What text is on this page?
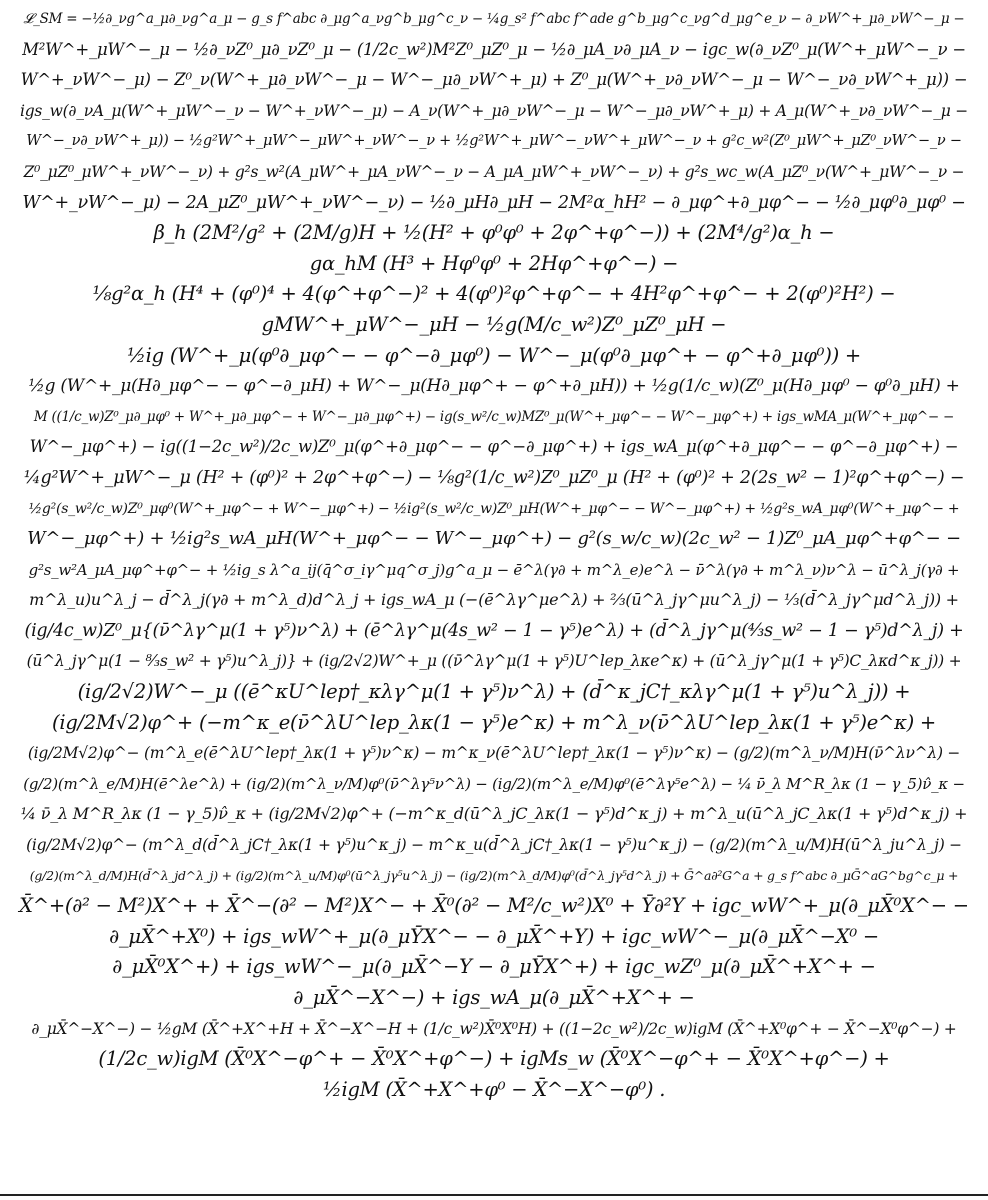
𝓛_SM = −½∂_νg^a_μ∂_νg^a_μ − g_s f^abc ∂_μg^a_νg^b_μg^c_ν − ¼g_s² f^abc f^ade g^b_μg^c_νg^d_μg^e_ν − ∂_νW^+_μ∂_νW^−_μ −
M²W^+_μW^−_μ − ½∂_νZ⁰_μ∂_νZ⁰_μ − (1/2c_w²)M²Z⁰_μZ⁰_μ − ½∂_μA_ν∂_μA_ν − igc_w(∂_νZ⁰_μ(W^+_μW^−_ν −
W^+_νW^−_μ) − Z⁰_ν(W^+_μ∂_νW^−_μ − W^−_μ∂_νW^+_μ) + Z⁰_μ(W^+_ν∂_νW^−_μ − W^−_ν∂_νW^+_μ)) −
igs_w(∂_νA_μ(W^+_μW^−_ν − W^+_νW^−_μ) − A_ν(W^+_μ∂_νW^−_μ − W^−_μ∂_νW^+_μ) + A_μ(W^+_ν∂_νW^−_μ −
W^−_ν∂_νW^+_μ)) − ½g²W^+_μW^−_μW^+_νW^−_ν + ½g²W^+_μW^−_νW^+_μW^−_ν + g²c_w²(Z⁰_μW^+_μZ⁰_νW^−_ν −
Z⁰_μZ⁰_μW^+_νW^−_ν) + g²s_w²(A_μW^+_μA_νW^−_ν − A_μA_μW^+_νW^−_ν) + g²s_wc_w(A_μZ⁰_ν(W^+_μW^−_ν −
W^+_νW^−_μ) − 2A_μZ⁰_μW^+_νW^−_ν) − ½∂_μH∂_μH − 2M²α_hH² − ∂_μφ^+∂_μφ^− − ½∂_μφ⁰∂_μφ⁰ −
β_h (2M²/g² + (2M/g)H + ½(H² + φ⁰φ⁰ + 2φ^+φ^−)) + (2M⁴/g²)α_h −
gα_hM (H³ + Hφ⁰φ⁰ + 2Hφ^+φ^−) −
⅛g²α_h (H⁴ + (φ⁰)⁴ + 4(φ^+φ^−)² + 4(φ⁰)²φ^+φ^− + 4H²φ^+φ^− + 2(φ⁰)²H²) −
gMW^+_μW^−_μH − ½g(M/c_w²)Z⁰_μZ⁰_μH −
½ig (W^+_μ(φ⁰∂_μφ^− − φ^−∂_μφ⁰) − W^−_μ(φ⁰∂_μφ^+ − φ^+∂_μφ⁰)) +
½g (W^+_μ(H∂_μφ^− − φ^−∂_μH) + W^−_μ(H∂_μφ^+ − φ^+∂_μH)) + ½g(1/c_w)(Z⁰_μ(H∂_μφ⁰ − φ⁰∂_μH) +
M ((1/c_w)Z⁰_μ∂_μφ⁰ + W^+_μ∂_μφ^− + W^−_μ∂_μφ^+) − ig(s_w²/c_w)MZ⁰_μ(W^+_μφ^− − W^−_μφ^+) + igs_wMA_μ(W^+_μφ^− −
W^−_μφ^+) − ig((1−2c_w²)/2c_w)Z⁰_μ(φ^+∂_μφ^− − φ^−∂_μφ^+) + igs_wA_μ(φ^+∂_μφ^− − φ^−∂_μφ^+) −
¼g²W^+_μW^−_μ (H² + (φ⁰)² + 2φ^+φ^−) − ⅛g²(1/c_w²)Z⁰_μZ⁰_μ (H² + (φ⁰)² + 2(2s_w² − 1)²φ^+φ^−) −
½g²(s_w²/c_w)Z⁰_μφ⁰(W^+_μφ^− + W^−_μφ^+) − ½ig²(s_w²/c_w)Z⁰_μH(W^+_μφ^− − W^−_μφ^+) + ½g²s_wA_μφ⁰(W^+_μφ^− +
W^−_μφ^+) + ½ig²s_wA_μH(W^+_μφ^− − W^−_μφ^+) − g²(s_w/c_w)(2c_w² − 1)Z⁰_μA_μφ^+φ^− −
g²s_w²A_μA_μφ^+φ^− + ½ig_s λ^a_ij(q̄^σ_iγ^μq^σ_j)g^a_μ − ē^λ(γ∂ + m^λ_e)e^λ − ν̄^λ(γ∂ + m^λ_ν)ν^λ − ū^λ_j(γ∂ +
m^λ_u)u^λ_j − d̄^λ_j(γ∂ + m^λ_d)d^λ_j + igs_wA_μ (−(ē^λγ^μe^λ) + ⅔(ū^λ_jγ^μu^λ_j) − ⅓(d̄^λ_jγ^μd^λ_j)) +
(ig/4c_w)Z⁰_μ{(ν̄^λγ^μ(1 + γ⁵)ν^λ) + (ē^λγ^μ(4s_w² − 1 − γ⁵)e^λ) + (d̄^λ_jγ^μ(⁴⁄₃s_w² − 1 − γ⁵)d^λ_j) +
(ū^λ_jγ^μ(1 − ⁸⁄₃s_w² + γ⁵)u^λ_j)} + (ig/2√2)W^+_μ ((ν̄^λγ^μ(1 + γ⁵)U^lep_λκe^κ) + (ū^λ_jγ^μ(1 + γ⁵)C_λκd^κ_j)) +
(ig/2√2)W^−_μ ((ē^κU^lep†_κλγ^μ(1 + γ⁵)ν^λ) + (d̄^κ_jC†_κλγ^μ(1 + γ⁵)u^λ_j)) +
(ig/2M√2)φ^+ (−m^κ_e(ν̄^λU^lep_λκ(1 − γ⁵)e^κ) + m^λ_ν(ν̄^λU^lep_λκ(1 + γ⁵)e^κ) +
(ig/2M√2)φ^− (m^λ_e(ē^λU^lep†_λκ(1 + γ⁵)ν^κ) − m^κ_ν(ē^λU^lep†_λκ(1 − γ⁵)ν^κ) − (g/2)(m^λ_ν/M)H(ν̄^λν^λ) −
(g/2)(m^λ_e/M)H(ē^λe^λ) + (ig/2)(m^λ_ν/M)φ⁰(ν̄^λγ⁵ν^λ) − (ig/2)(m^λ_e/M)φ⁰(ē^λγ⁵e^λ) − ¼ ν̄_λ M^R_λκ (1 − γ_5)ν̂_κ −
¼ ν̄_λ M^R_λκ (1 − γ_5)ν̂_κ + (ig/2M√2)φ^+ (−m^κ_d(ū^λ_jC_λκ(1 − γ⁵)d^κ_j) + m^λ_u(ū^λ_jC_λκ(1 + γ⁵)d^κ_j) +
(ig/2M√2)φ^− (m^λ_d(d̄^λ_jC†_λκ(1 + γ⁵)u^κ_j) − m^κ_u(d̄^λ_jC†_λκ(1 − γ⁵)u^κ_j) − (g/2)(m^λ_u/M)H(ū^λ_ju^λ_j) −
(g/2)(m^λ_d/M)H(d̄^λ_jd^λ_j) + (ig/2)(m^λ_u/M)φ⁰(ū^λ_jγ⁵u^λ_j) − (ig/2)(m^λ_d/M)φ⁰(d̄^λ_jγ⁵d^λ_j) + Ḡ^a∂²G^a + g_s f^abc ∂_μḠ^aG^bg^c_μ +
X̄^+(∂² − M²)X^+ + X̄^−(∂² − M²)X^− + X̄⁰(∂² − M²/c_w²)X⁰ + Ȳ∂²Y + igc_wW^+_μ(∂_μX̄⁰X^− −
∂_μX̄^+X⁰) + igs_wW^+_μ(∂_μȲX^− − ∂_μX̄^+Y) + igc_wW^−_μ(∂_μX̄^−X⁰ −
∂_μX̄⁰X^+) + igs_wW^−_μ(∂_μX̄^−Y − ∂_μȲX^+) + igc_wZ⁰_μ(∂_μX̄^+X^+ −
∂_μX̄^−X^−) + igs_wA_μ(∂_μX̄^+X^+ −
∂_μX̄^−X^−) − ½gM (X̄^+X^+H + X̄^−X^−H + (1/c_w²)X̄⁰X⁰H) + ((1−2c_w²)/2c_w)igM (X̄^+X⁰φ^+ − X̄^−X⁰φ^−) +
(1/2c_w)igM (X̄⁰X^−φ^+ − X̄⁰X^+φ^−) + igMs_w (X̄⁰X^−φ^+ − X̄⁰X^+φ^−) +
½igM (X̄^+X^+φ⁰ − X̄^−X^−φ⁰) .
